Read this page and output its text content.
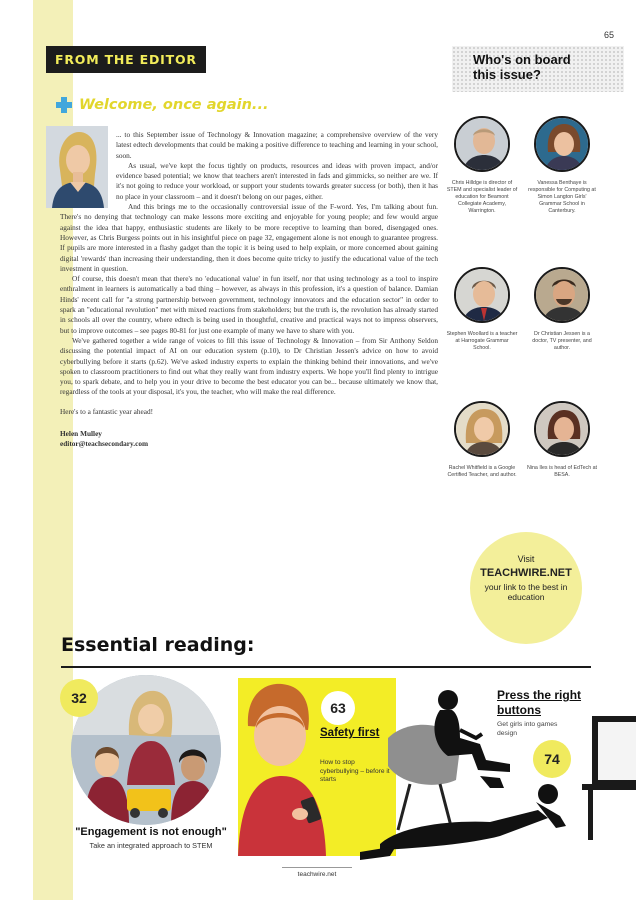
65
FROM THE EDITOR
Welcome, once again...

... to this September issue of Technology & Innovation magazine; a comprehensive overview of the very latest edtech developments that could be making a positive difference to teaching and learning in your school, soon.

As usual, we've kept the focus tightly on products, resources and ideas with proven impact, and/or evidence based potential; we know that teachers aren't interested in fads and gimmicks, so neither are we. If it's not going to reduce your workload, or support your students towards greater success (or both), then it has no place in your classroom – and it doesn't belong on our pages, either.

And this brings me to the occasionally controversial issue of the F-word. Yes, I'm talking about fun. There's no denying that technology can make lessons more exciting and enjoyable for young people; and few would argue against the idea that happy, enthusiastic students are likely to be more receptive to learning than bored, disengaged ones. However, as Chris Burgess points out in his insightful piece on page 32, engagement alone is not enough to guarantee progress. If pupils are more interested in a flashy gadget than the topic it is being used to help explain, or more concerned about gaining digital 'rewards' than increasing their understanding, then it does become quite tricky to justify the educational value of the tech investment in question.

Of course, this doesn't mean that there's no 'educational value' in fun itself, nor that using technology as a tool to inspire enthralment in learners is automatically a bad thing – however, as always in this profession, it's a question of balance. Damian Hinds' recent call for "a strong partnership between government, technology innovators and the education sector" in order to spark an "educational revolution" met with mixed reactions from stakeholders; but the truth is, the revolution has already started in schools all over the country, where edtech is being used in thoughtful, creative and practical ways not to impress observers, but to improve outcomes – see pages 80-81 for just one example of many we have to share with you.

We've gathered together a wide range of voices to fill this issue of Technology & Innovation – from Sir Anthony Seldon discussing the potential impact of AI on our education system (p.10), to Dr Christian Jessen's advice on how to avoid cyberbullying before it starts (p.62). We've asked industry experts to explain the thinking behind their innovations, and we've spoken to classroom practitioners to find out what they really want from industry experts. We hope you'll find plenty to intrigue you, to spark debate, and to help you in your drive to become the best educator you can be... because ultimately we know that, regardless of the tools at your disposal, it's you, the teacher, who will make the real difference.

Here's to a fantastic year ahead!
Helen Mulley
editor@teachsecondary.com
Who's on board this issue?
Chris Hilldge is director of STEM and specialist leader of education for Beamont Collegiate Academy, Warrington.
Vanessa Benthaye is responsible for Computing at Simon Langton Girls' Grammar School in Canterbury.
Stephen Woollard is a teacher at Harrogate Grammar School.
Dr Christian Jessen is a doctor, TV presenter, and author.
Rachel Whitfield is a Google Certified Teacher, and author.
Nina Iles is head of EdTech at BESA.
Visit
TEACHWIRE.NET
your link to the best in education
Essential reading:
32
"Engagement is not enough"
Take an integrated approach to STEM
63
Safety first
How to stop cyberbullying – before it starts
Press the right buttons
Get girls into games design
74
teachwire.net
